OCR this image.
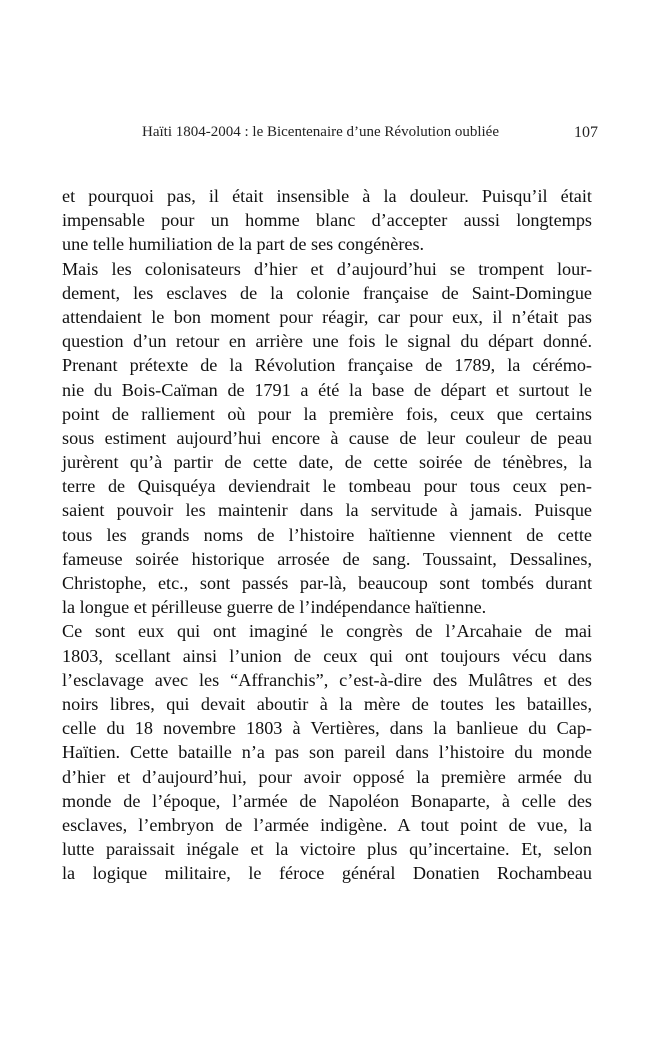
Haïti 1804-2004 : le Bicentenaire d’une Révolution oubliée	107
et pourquoi pas, il était insensible à la douleur. Puisqu’il était
impensable pour un homme blanc d’accepter aussi longtemps
une telle humiliation de la part de ses congénères.
Mais les colonisateurs d’hier et d’aujourd’hui se trompent lour-
dement, les esclaves de la colonie française de Saint-Domingue
attendaient le bon moment pour réagir, car pour eux, il n’était pas
question d’un retour en arrière une fois le signal du départ donné.
Prenant prétexte de la Révolution française de 1789, la cérémo-
nie du Bois-Caïman de 1791 a été la base de départ et surtout le
point de ralliement où pour la première fois, ceux que certains
sous estiment aujourd’hui encore à cause de leur couleur de peau
jurèrent qu’à partir de cette date, de cette soirée de ténèbres, la
terre de Quisquéya deviendrait le tombeau pour tous ceux pen-
saient pouvoir les maintenir dans la servitude à jamais. Puisque
tous les grands noms de l’histoire haïtienne viennent de cette
fameuse soirée historique arrosée de sang. Toussaint, Dessalines,
Christophe, etc., sont passés par-là, beaucoup sont tombés durant
la longue et périlleuse guerre de l’indépendance haïtienne.
Ce sont eux qui ont imaginé le congrès de l’Arcahaie de mai
1803, scellant ainsi l’union de ceux qui ont toujours vécu dans
l’esclavage avec les “Affranchis”, c’est-à-dire des Mulâtres et des
noirs libres, qui devait aboutir à la mère de toutes les batailles,
celle du 18 novembre 1803 à Vertières, dans la banlieue du Cap-
Haïtien. Cette bataille n’a pas son pareil dans l’histoire du monde
d’hier et d’aujourd’hui, pour avoir opposé la première armée du
monde de l’époque, l’armée de Napoléon Bonaparte, à celle des
esclaves, l’embryon de l’armée indigène. A tout point de vue, la
lutte paraissait inégale et la victoire plus qu’incertaine. Et, selon
la logique militaire, le féroce général Donatien Rochambeau
